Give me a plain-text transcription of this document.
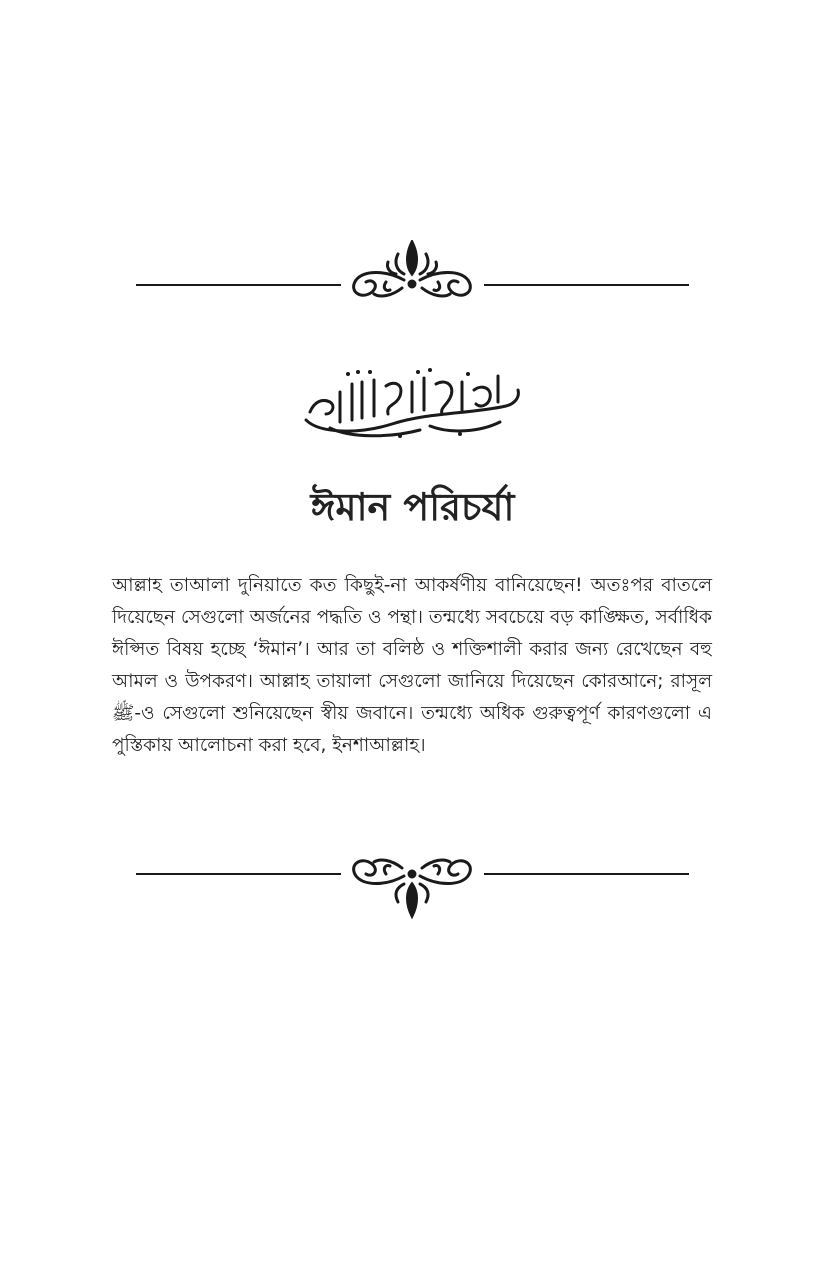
ঈমান পরিচর্যা

আল্লাহ তাআলা দুনিয়াতে কত কিছুই-না আকর্ষণীয় বানিয়েছেন! অতঃপর বাতলে দিয়েছেন সেগুলো অর্জনের পদ্ধতি ও পন্থা। তন্মধ্যে সবচেয়ে বড় কাঙ্ক্ষিত, সর্বাধিক ঈপ্সিত বিষয় হচ্ছে ‘ঈমান’। আর তা বলিষ্ঠ ও শক্তিশালী করার জন্য রেখেছেন বহু আমল ও উপকরণ। আল্লাহ তায়ালা সেগুলো জানিয়ে দিয়েছেন কোরআনে; রাসূল ﷺ-ও সেগুলো শুনিয়েছেন স্বীয় জবানে। তন্মধ্যে অধিক গুরুত্বপূর্ণ কারণগুলো এ পুস্তিকায় আলোচনা করা হবে, ইনশাআল্লাহ।
